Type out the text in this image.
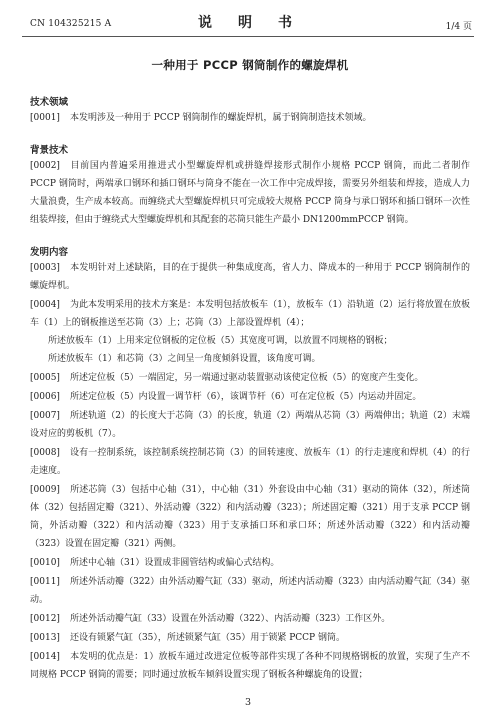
CN 104325215 A	说　明　书	1/4 页
一种用于 PCCP 钢筒制作的螺旋焊机
技术领域
[0001] 本发明涉及一种用于 PCCP 钢筒制作的螺旋焊机，属于钢筒制造技术领域。
背景技术
[0002] 目前国内普遍采用推进式小型螺旋焊机或拼缝焊接形式制作小规格 PCCP 钢筒，而此二者制作 PCCP 钢筒时，两端承口钢环和插口钢环与筒身不能在一次工作中完成焊接，需要另外组装和焊接，造成人力大量浪费，生产成本较高。而缠绕式大型螺旋焊机只可完成较大规格 PCCP 筒身与承口钢环和插口钢环一次性组装焊接，但由于缠绕式大型螺旋焊机和其配套的芯筒只能生产最小 DN1200mmPCCP 钢筒。
发明内容
[0003] 本发明针对上述缺陷，目的在于提供一种集成度高，省人力、降成本的一种用于 PCCP 钢筒制作的螺旋焊机。
[0004] 为此本发明采用的技术方案是：本发明包括放板车（1），放板车（1）沿轨道（2）运行将放置在放板车（1）上的钢板推送至芯筒（3）上；芯筒（3）上部设置焊机（4）；
所述放板车（1）上用来定位钢板的定位板（5）其宽度可调，以放置不同规格的钢板；
所述放板车（1）和芯筒（3）之间呈一角度倾斜设置，该角度可调。
[0005] 所述定位板（5）一端固定，另一端通过驱动装置驱动该使定位板（5）的宽度产生变化。
[0006] 所述定位板（5）内设置一调节杆（6），该调节杆（6）可在定位板（5）内运动并固定。
[0007] 所述轨道（2）的长度大于芯筒（3）的长度，轨道（2）两端从芯筒（3）两端伸出；轨道（2）末端设对应的剪板机（7）。
[0008] 设有一控制系统，该控制系统控制芯筒（3）的回转速度、放板车（1）的行走速度和焊机（4）的行走速度。
[0009] 所述芯筒（3）包括中心轴（31），中心轴（31）外套设由中心轴（31）驱动的筒体（32），所述筒体（32）包括固定瓣（321）、外活动瓣（322）和内活动瓣（323）；所述固定瓣（321）用于支承 PCCP 钢筒，外活动瓣（322）和内活动瓣（323）用于支承插口环和承口环；所述外活动瓣（322）和内活动瓣（323）设置在固定瓣（321）两侧。
[0010] 所述中心轴（31）设置成非圆管结构或偏心式结构。
[0011] 所述外活动瓣（322）由外活动瓣气缸（33）驱动，所述内活动瓣（323）由内活动瓣气缸（34）驱动。
[0012] 所述外活动瓣气缸（33）设置在外活动瓣（322）、内活动瓣（323）工作区外。
[0013] 还设有锁紧气缸（35），所述锁紧气缸（35）用于锁紧 PCCP 钢筒。
[0014] 本发明的优点是：1）放板车通过改进定位板等部件实现了各种不同规格钢板的放置，实现了生产不同规格 PCCP 钢筒的需要；同时通过放板车倾斜设置实现了钢板各种螺旋角的设置；
3
